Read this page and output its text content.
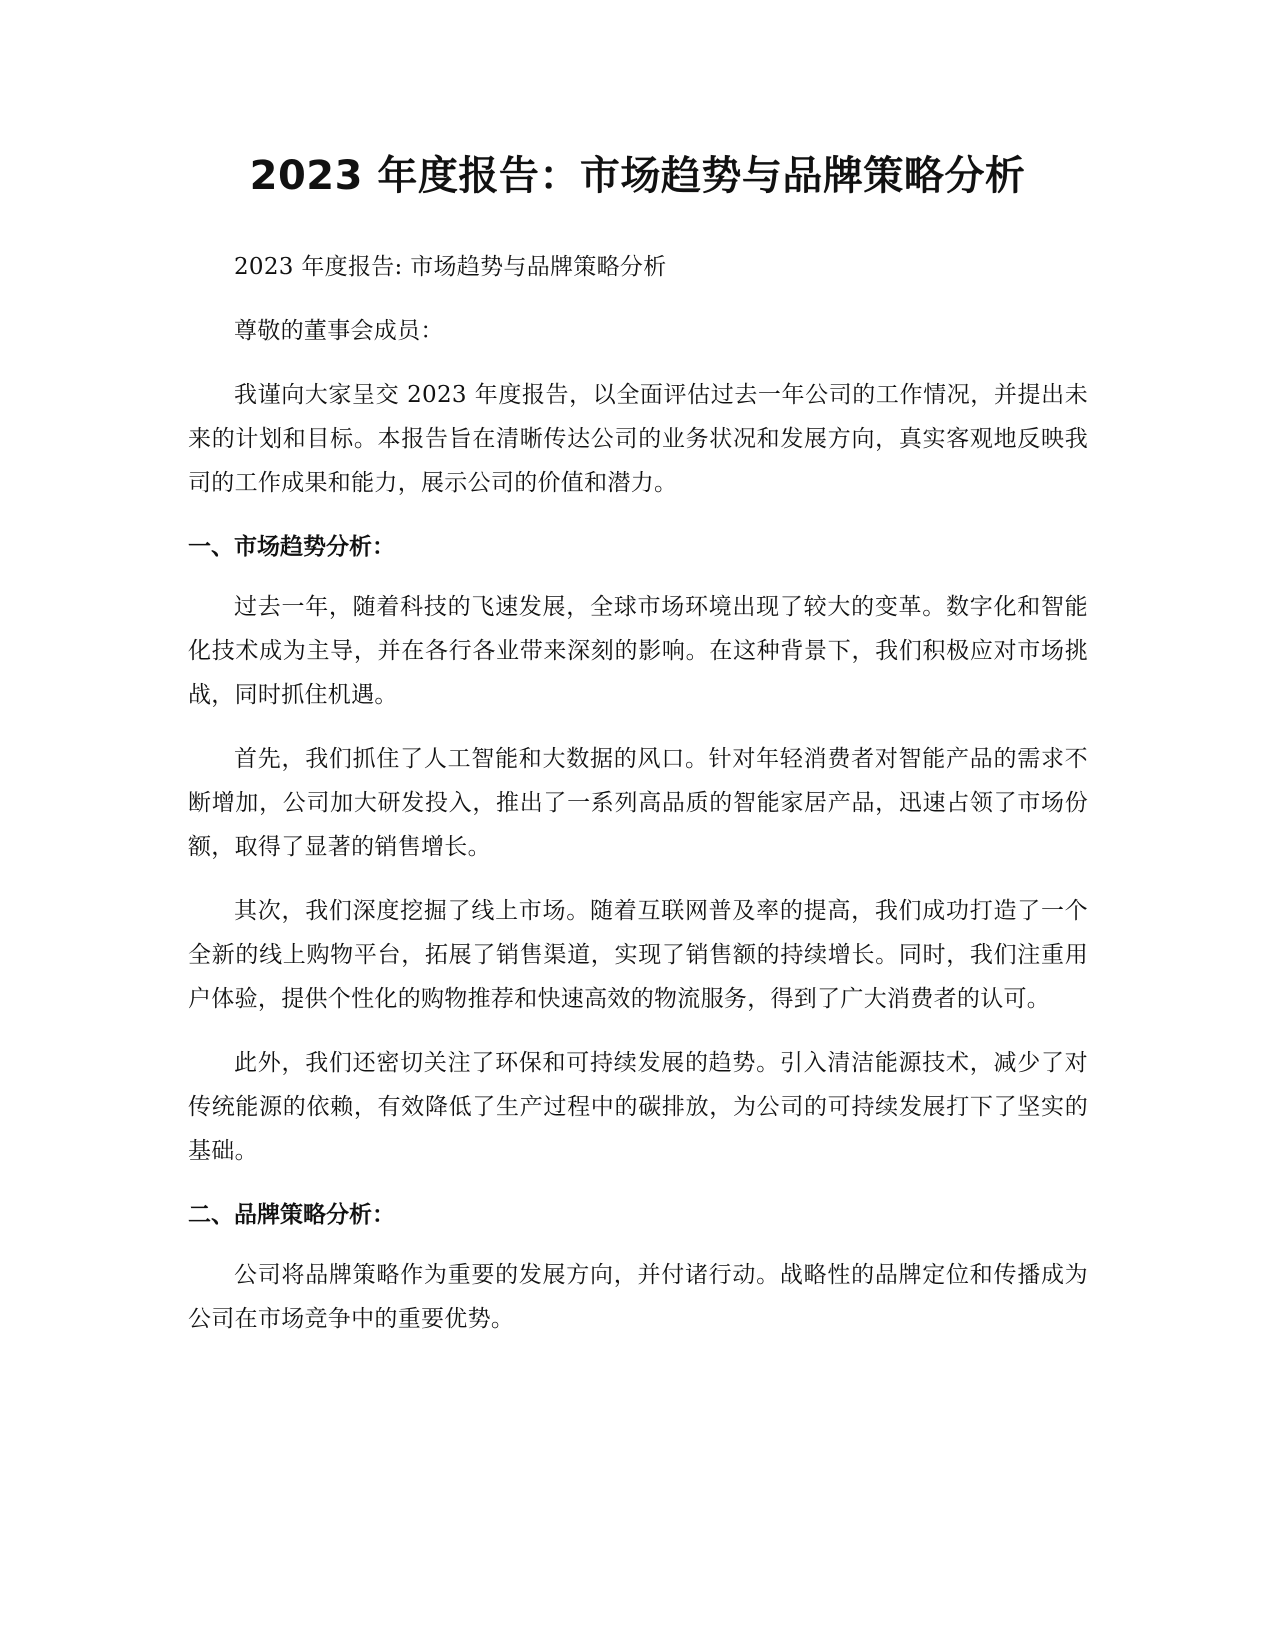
2023 年度报告：市场趋势与品牌策略分析

2023 年度报告: 市场趋势与品牌策略分析

尊敬的董事会成员：

我谨向大家呈交 2023 年度报告，以全面评估过去一年公司的工作情况，并提出未来的计划和目标。本报告旨在清晰传达公司的业务状况和发展方向，真实客观地反映我司的工作成果和能力，展示公司的价值和潜力。

一、市场趋势分析：

过去一年，随着科技的飞速发展，全球市场环境出现了较大的变革。数字化和智能化技术成为主导，并在各行各业带来深刻的影响。在这种背景下，我们积极应对市场挑战，同时抓住机遇。

首先，我们抓住了人工智能和大数据的风口。针对年轻消费者对智能产品的需求不断增加，公司加大研发投入，推出了一系列高品质的智能家居产品，迅速占领了市场份额，取得了显著的销售增长。

其次，我们深度挖掘了线上市场。随着互联网普及率的提高，我们成功打造了一个全新的线上购物平台，拓展了销售渠道，实现了销售额的持续增长。同时，我们注重用户体验，提供个性化的购物推荐和快速高效的物流服务，得到了广大消费者的认可。

此外，我们还密切关注了环保和可持续发展的趋势。引入清洁能源技术，减少了对传统能源的依赖，有效降低了生产过程中的碳排放，为公司的可持续发展打下了坚实的基础。

二、品牌策略分析：

公司将品牌策略作为重要的发展方向，并付诸行动。战略性的品牌定位和传播成为公司在市场竞争中的重要优势。
